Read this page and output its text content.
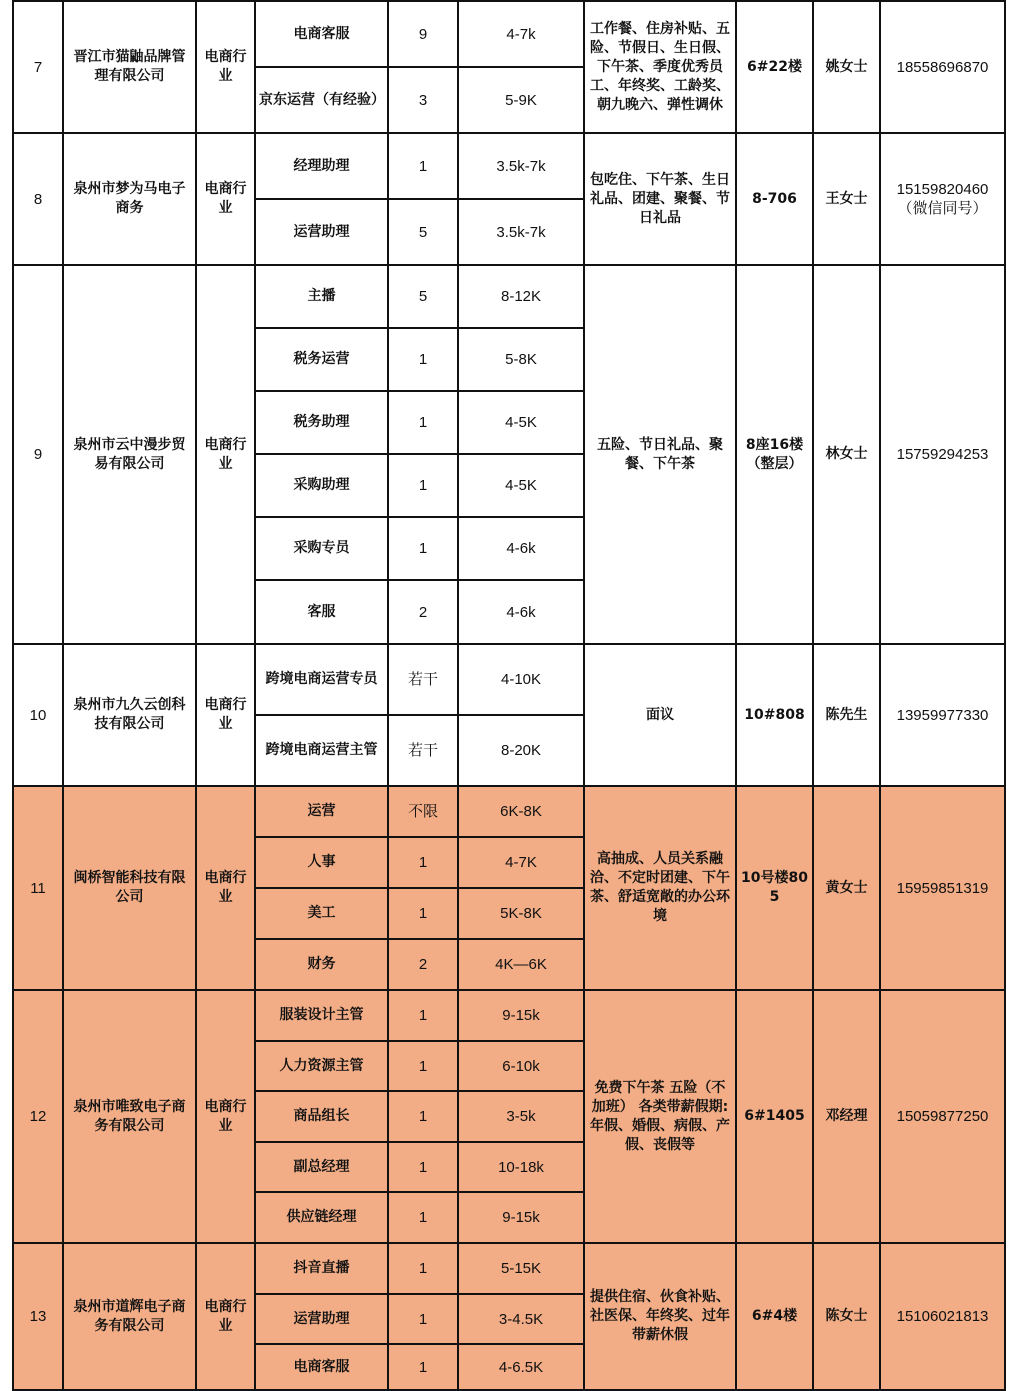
7	晋江市猫鼬品牌管理有限公司	电商行业	电商客服	9	4-7k	工作餐、住房补贴、五险、节假日、生日假、下午茶、季度优秀员工、年终奖、工龄奖、朝九晚六、弹性调休	6#22楼	姚女士	18558696870
			京东运营（有经验）	3	5-9K				
8	泉州市梦为马电子商务	电商行业	经理助理	1	3.5k-7k	包吃住、下午茶、生日礼品、团建、聚餐、节日礼品	8-706	王女士	15159820460（微信同号）
			运营助理	5	3.5k-7k				
9	泉州市云中漫步贸易有限公司	电商行业	主播	5	8-12K	五险、节日礼品、聚餐、下午茶	8座16楼（整层）	林女士	15759294253
			税务运营	1	5-8K				
			税务助理	1	4-5K				
			采购助理	1	4-5K				
			采购专员	1	4-6k				
			客服	2	4-6k				
10	泉州市九久云创科技有限公司	电商行业	跨境电商运营专员	若干	4-10K	面议	10#808	陈先生	13959977330
			跨境电商运营主管	若干	8-20K				
11	闽桥智能科技有限公司	电商行业	运营	不限	6K-8K	高抽成、人员关系融洽、不定时团建、下午茶、舒适宽敞的办公环境	10号楼805	黄女士	15959851319
			人事	1	4-7K				
			美工	1	5K-8K				
			财务	2	4K—6K				
12	泉州市唯致电子商务有限公司	电商行业	服装设计主管	1	9-15k	免费下午茶 五险（不加班） 各类带薪假期:年假、婚假、病假、产假、丧假等	6#1405	邓经理	15059877250
			人力资源主管	1	6-10k				
			商品组长	1	3-5k				
			副总经理	1	10-18k				
			供应链经理	1	9-15k				
13	泉州市道辉电子商务有限公司	电商行业	抖音直播	1	5-15K	提供住宿、伙食补贴、社医保、年终奖、过年带薪休假	6#4楼	陈女士	15106021813
			运营助理	1	3-4.5K				
			电商客服	1	4-6.5K				
